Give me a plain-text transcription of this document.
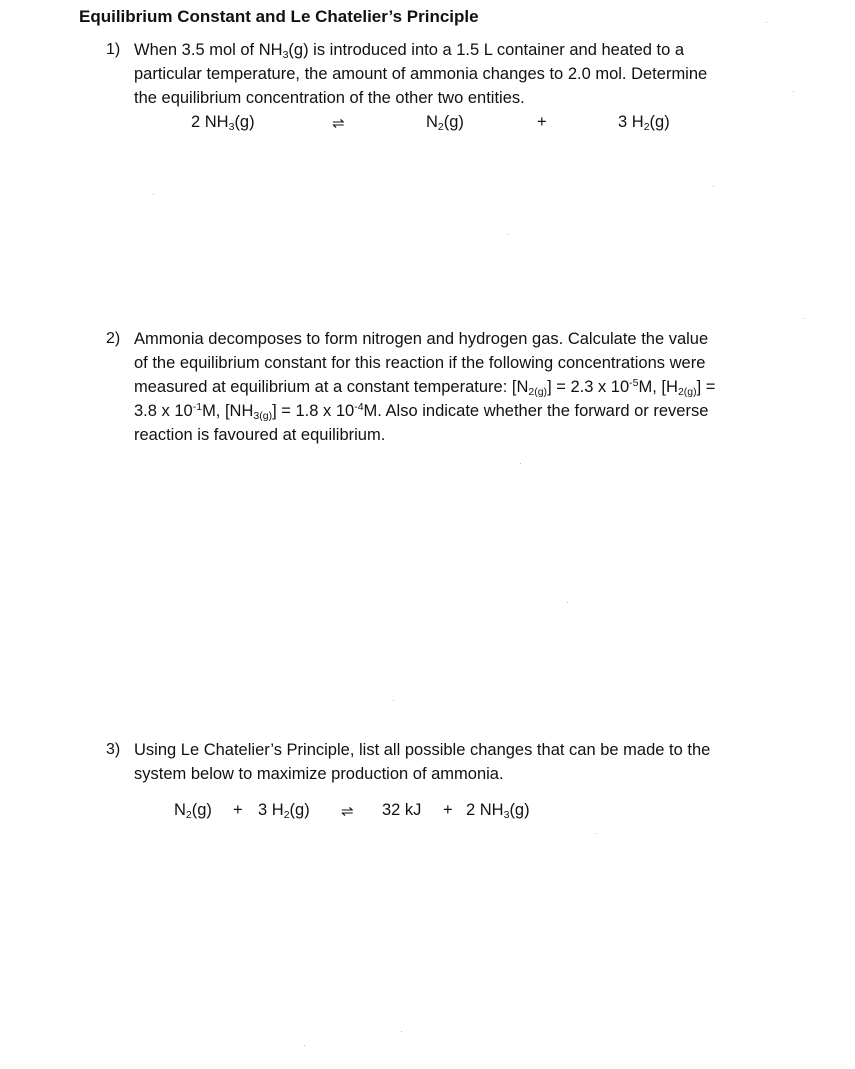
Equilibrium Constant and Le Chatelier’s Principle
1) When 3.5 mol of $NH_3(g)$ is introduced into a 1.5 L container and heated to a
particular temperature, the amount of ammonia changes to 2.0 mol. Determine
the equilibrium concentration of the other two entities.
2 $NH_3(g)$	⇌	$N_2(g)$	+	3 $H_2(g)$
2) Ammonia decomposes to form nitrogen and hydrogen gas. Calculate the value
of the equilibrium constant for this reaction if the following concentrations were
measured at equilibrium at a constant temperature: $[N_{2(g)}] = 2.3$ x $10^{-5}M$, $[H_{2(g)}]$ =
3.8 x $10^{-1}M$, $[NH_{3(g)}] = 1.8$ x $10^{-4}M$. Also indicate whether the forward or reverse
reaction is favoured at equilibrium.
3) Using Le Chatelier’s Principle, list all possible changes that can be made to the
system below to maximize production of ammonia.
$N_2(g) + 3$ $H_2(g)$ ⇌ 32 kJ + 2 $NH_3(g)$
